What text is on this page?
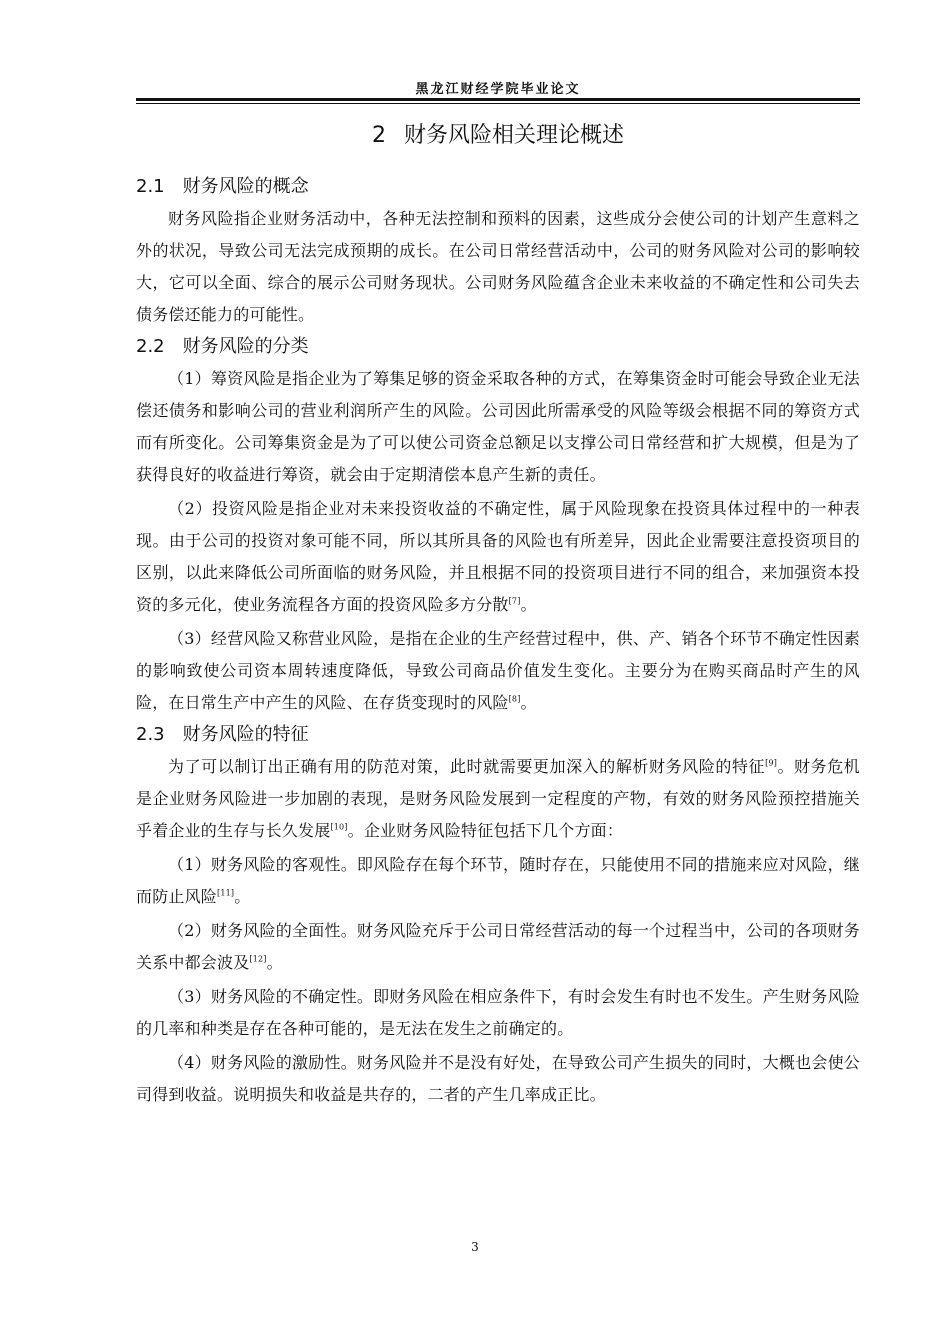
黑龙江财经学院毕业论文
2 财务风险相关理论概述
2.1 财务风险的概念

财务风险指企业财务活动中，各种无法控制和预料的因素，这些成分会使公司的计划产生意料之外的状况，导致公司无法完成预期的成长。在公司日常经营活动中，公司的财务风险对公司的影响较大，它可以全面、综合的展示公司财务现状。公司财务风险蕴含企业未来收益的不确定性和公司失去债务偿还能力的可能性。

2.2 财务风险的分类

（1）筹资风险是指企业为了筹集足够的资金采取各种的方式，在筹集资金时可能会导致企业无法偿还债务和影响公司的营业利润所产生的风险。公司因此所需承受的风险等级会根据不同的筹资方式而有所变化。公司筹集资金是为了可以使公司资金总额足以支撑公司日常经营和扩大规模，但是为了获得良好的收益进行筹资，就会由于定期清偿本息产生新的责任。

（2）投资风险是指企业对未来投资收益的不确定性，属于风险现象在投资具体过程中的一种表现。由于公司的投资对象可能不同，所以其所具备的风险也有所差异，因此企业需要注意投资项目的区别，以此来降低公司所面临的财务风险，并且根据不同的投资项目进行不同的组合，来加强资本投资的多元化，使业务流程各方面的投资风险多方分散[7]。

（3）经营风险又称营业风险，是指在企业的生产经营过程中，供、产、销各个环节不确定性因素的影响致使公司资本周转速度降低，导致公司商品价值发生变化。主要分为在购买商品时产生的风险，在日常生产中产生的风险、在存货变现时的风险[8]。

2.3 财务风险的特征

为了可以制订出正确有用的防范对策，此时就需要更加深入的解析财务风险的特征[9]。财务危机是企业财务风险进一步加剧的表现，是财务风险发展到一定程度的产物，有效的财务风险预控措施关乎着企业的生存与长久发展[10]。企业财务风险特征包括下几个方面：

（1）财务风险的客观性。即风险存在每个环节，随时存在，只能使用不同的措施来应对风险，继而防止风险[11]。

（2）财务风险的全面性。财务风险充斥于公司日常经营活动的每一个过程当中，公司的各项财务关系中都会波及[12]。

（3）财务风险的不确定性。即财务风险在相应条件下，有时会发生有时也不发生。产生财务风险的几率和种类是存在各种可能的，是无法在发生之前确定的。

（4）财务风险的激励性。财务风险并不是没有好处，在导致公司产生损失的同时，大概也会使公司得到收益。说明损失和收益是共存的，二者的产生几率成正比。

3
